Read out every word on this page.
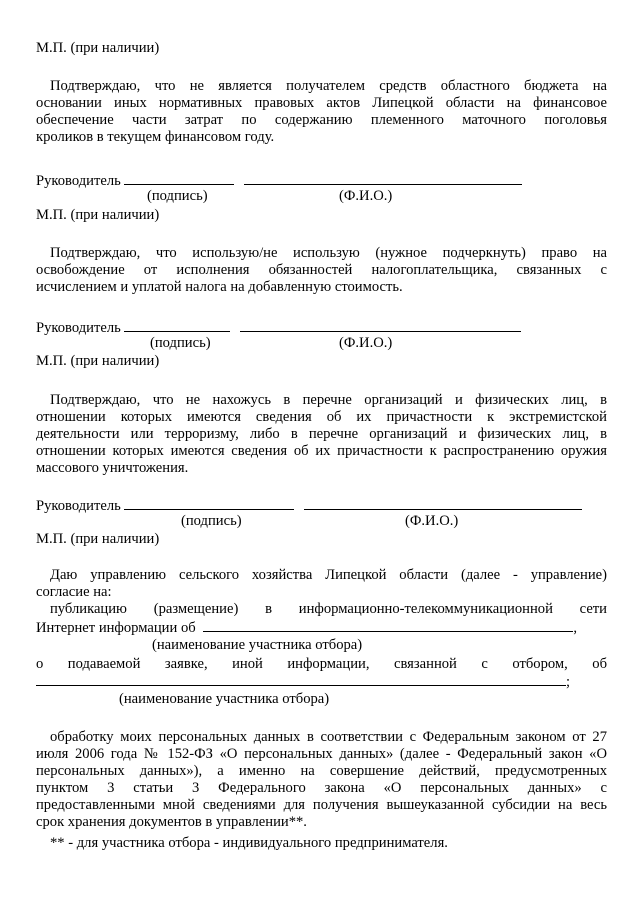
М.П. (при наличии)
Подтверждаю, что не является получателем средств областного бюджета на
основании иных нормативных правовых актов Липецкой области на финансовое
обеспечение части затрат по содержанию племенного маточного поголовья
кроликов в текущем финансовом году.
Руководитель
(подпись)	(Ф.И.О.)
М.П. (при наличии)
Подтверждаю, что использую/не использую (нужное подчеркнуть) право на
освобождение от исполнения обязанностей налогоплательщика, связанных с
исчислением и уплатой налога на добавленную стоимость.
Руководитель
(подпись)	(Ф.И.О.)
М.П. (при наличии)
Подтверждаю, что не нахожусь в перечне организаций и физических лиц, в
отношении которых имеются сведения об их причастности к экстремистской
деятельности или терроризму, либо в перечне организаций и физических лиц, в
отношении которых имеются сведения об их причастности к распространению оружия
массового уничтожения.
Руководитель
(подпись)	(Ф.И.О.)
М.П. (при наличии)
Даю управлению сельского хозяйства Липецкой области (далее - управление)
согласие на:
публикацию (размещение) в информационно-телекоммуникационной сети
Интернет информации об	,
(наименование участника отбора)
о подаваемой заявке, иной информации, связанной с отбором, об
;
(наименование участника отбора)
обработку моих персональных данных в соответствии с Федеральным законом от 27
июля 2006 года № 152-ФЗ «О персональных данных» (далее - Федеральный закон «О
персональных данных»), а именно на совершение действий, предусмотренных
пунктом 3 статьи 3 Федерального закона «О персональных данных» с
предоставленными мной сведениями для получения вышеуказанной субсидии на весь
срок хранения документов в управлении**.
** - для участника отбора - индивидуального предпринимателя.
